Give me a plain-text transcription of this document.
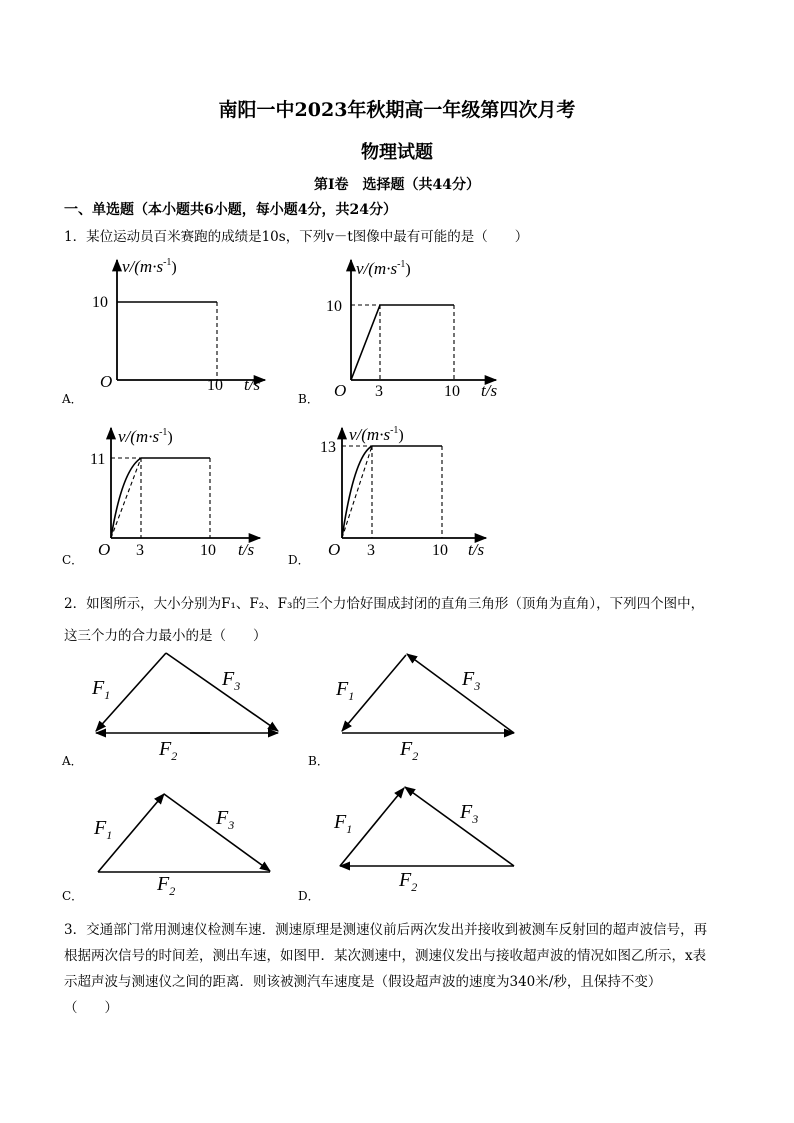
南阳一中2023年秋期高一年级第四次月考
物理试题
第Ⅰ卷　选择题（共44分）
一、单选题（本小题共6小题，每小题4分，共24分）
1．某位运动员百米赛跑的成绩是10s，下列v－t图像中最有可能的是（　　）
$v/(m\cdot s^{-1})$
10
O	10 t/s
A．
$v/(m\cdot s^{-1})$
10
O 3	10 t/s
B．
$v/(m\cdot s^{-1})$
11
O 3	10 t/s
C．
$v/(m\cdot s^{-1})$
13
O 3	10 t/s
D．
2．如图所示，大小分别为F₁、F₂、F₃的三个力恰好围成封闭的直角三角形（顶角为直角），下列四个图中，
这三个力的合力最小的是（　　）
$F_1$
$F_2$
$F_3$
A．
$F_1$
$F_2$
$F_3$
B．
$F_1$
$F_2$
$F_3$
C．
$F_1$
$F_2$
$F_3$
D．
3．交通部门常用测速仪检测车速．测速原理是测速仪前后两次发出并接收到被测车反射回的超声波信号，再
根据两次信号的时间差，测出车速，如图甲．某次测速中，测速仪发出与接收超声波的情况如图乙所示，x表
示超声波与测速仪之间的距离．则该被测汽车速度是（假设超声波的速度为340米/秒，且保持不变）
（　　）
